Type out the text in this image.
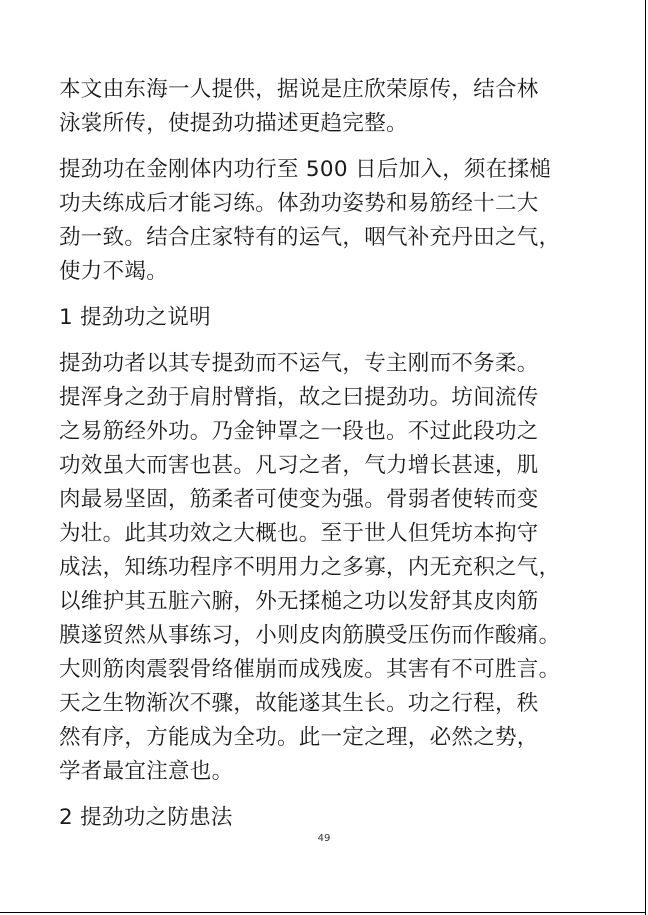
本文由东海一人提供，据说是庄欣荣原传，结合林
泳裳所传，使提劲功描述更趋完整。

提劲功在金刚体内功行至 500 日后加入，须在揉槌
功夫练成后才能习练。体劲功姿势和易筋经十二大
劲一致。结合庄家特有的运气，咽气补充丹田之气，
使力不竭。

1 提劲功之说明

提劲功者以其专提劲而不运气，专主刚而不务柔。
提浑身之劲于肩肘臂指，故之曰提劲功。坊间流传
之易筋经外功。乃金钟罩之一段也。不过此段功之
功效虽大而害也甚。凡习之者，气力增长甚速，肌
肉最易坚固，筋柔者可使变为强。骨弱者使转而变
为壮。此其功效之大概也。至于世人但凭坊本拘守
成法，知练功程序不明用力之多寡，内无充积之气，
以维护其五脏六腑，外无揉槌之功以发舒其皮肉筋
膜遂贸然从事练习，小则皮肉筋膜受压伤而作酸痛。
大则筋肉震裂骨络催崩而成残废。其害有不可胜言。
天之生物渐次不骤，故能遂其生长。功之行程，秩
然有序，方能成为全功。此一定之理，必然之势，
学者最宜注意也。

2 提劲功之防患法
49
